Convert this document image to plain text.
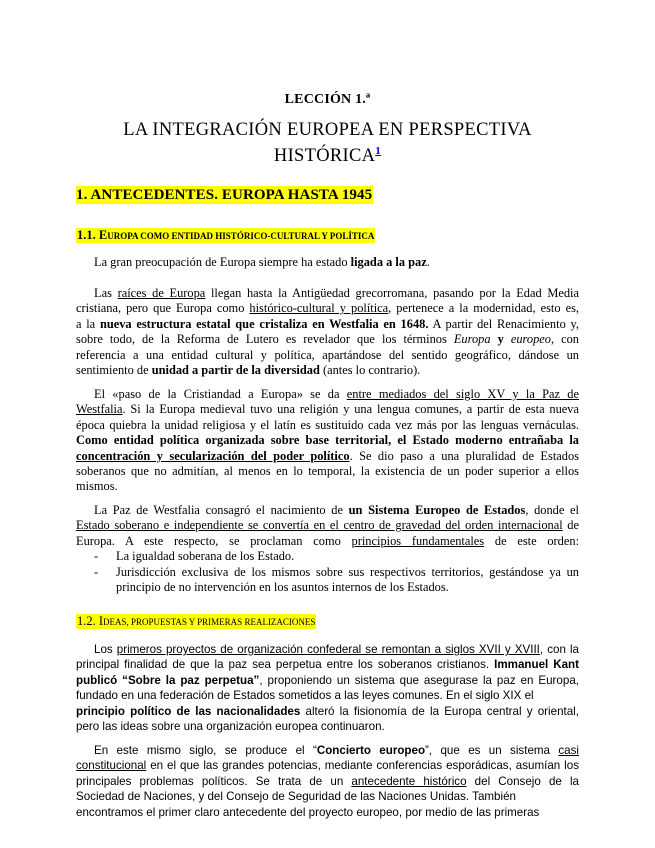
LECCIÓN 1.ª
LA INTEGRACIÓN EUROPEA EN PERSPECTIVA
HISTÓRICA$^1$
1. ANTECEDENTES. EUROPA HASTA 1945
1.1. EUROPA COMO ENTIDAD HISTÓRICO-CULTURAL Y POLÍTICA
La gran preocupación de Europa siempre ha estado ligada a la paz.
Las raíces de Europa llegan hasta la Antigüedad grecorromana, pasando por la Edad Media
cristiana, pero que Europa como histórico-cultural y política, pertenece a la modernidad, esto es,
a la nueva estructura estatal que cristaliza en Westfalia en 1648. A partir del Renacimiento y,
sobre todo, de la Reforma de Lutero es revelador que los términos Europa y europeo, con
referencia a una entidad cultural y política, apartándose del sentido geográfico, dándose un
sentimiento de unidad a partir de la diversidad (antes lo contrario).
El «paso de la Cristiandad a Europa» se da entre mediados del siglo XV y la Paz de
Westfalia. Si la Europa medieval tuvo una religión y una lengua comunes, a partir de esta nueva
época quiebra la unidad religiosa y el latín es sustituido cada vez más por las lenguas vernáculas.
Como entidad política organizada sobre base territorial, el Estado moderno entrañaba la
concentración y secularización del poder político. Se dio paso a una pluralidad de Estados
soberanos que no admitían, al menos en lo temporal, la existencia de un poder superior a ellos
mismos.
La Paz de Westfalia consagró el nacimiento de un Sistema Europeo de Estados, donde el
Estado soberano e independiente se convertía en el centro de gravedad del orden internacional de
Europa. A este respecto, se proclaman como principios fundamentales de este orden:
- La igualdad soberana de los Estado.
- Jurisdicción exclusiva de los mismos sobre sus respectivos territorios, gestándose ya un
principio de no intervención en los asuntos internos de los Estados.
1.2. IDEAS, PROPUESTAS Y PRIMERAS REALIZACIONES
Los primeros proyectos de organización confederal se remontan a siglos XVII y XVIII, con la
principal finalidad de que la paz sea perpetua entre los soberanos cristianos. Immanuel Kant
publicó “Sobre la paz perpetua”, proponiendo un sistema que asegurase la paz en Europa,
fundado en una federación de Estados sometidos a las leyes comunes. En el siglo XIX el
principio político de las nacionalidades alteró la fisionomía de la Europa central y oriental,
pero las ideas sobre una organización europea continuaron.
En este mismo siglo, se produce el “Concierto europeo”, que es un sistema casi
constitucional en el que las grandes potencias, mediante conferencias esporádicas, asumían los
principales problemas políticos. Se trata de un antecedente histórico del Consejo de la
Sociedad de Naciones, y del Consejo de Seguridad de las Naciones Unidas. También
encontramos el primer claro antecedente del proyecto europeo, por medio de las primeras
